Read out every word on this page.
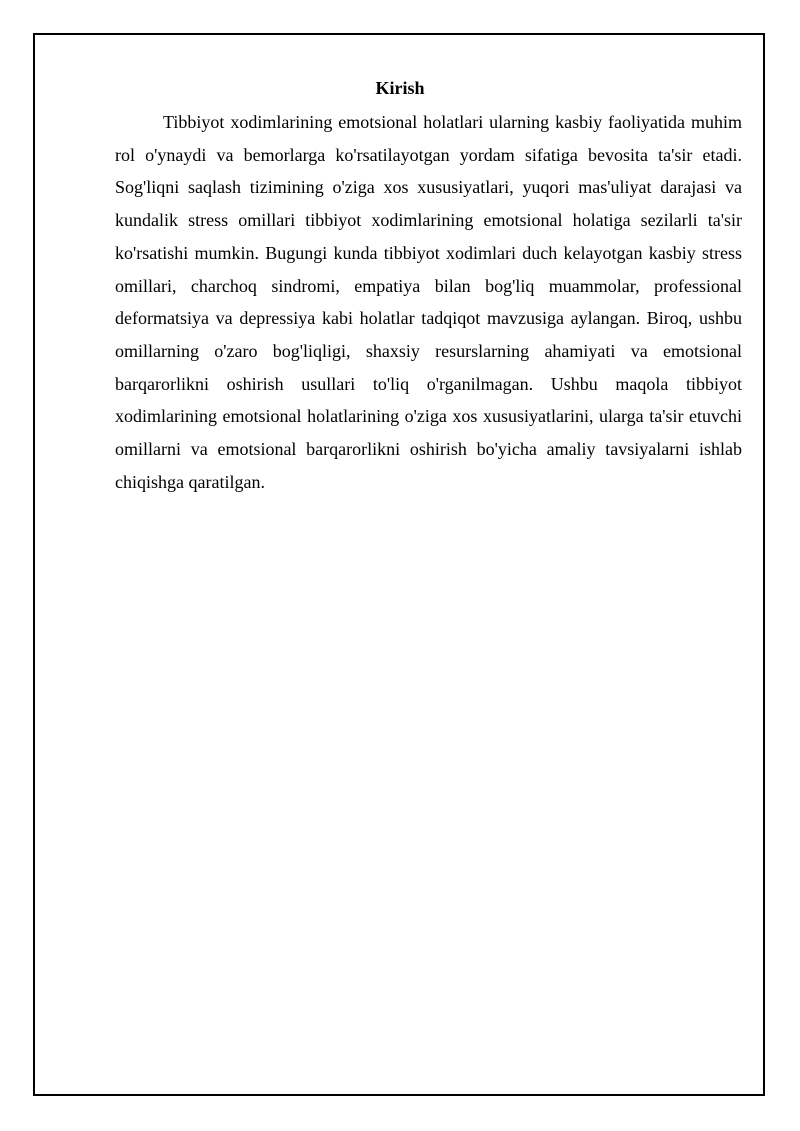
Kirish

Tibbiyot xodimlarining emotsional holatlari ularning kasbiy faoliyatida muhim rol o'ynaydi va bemorlarga ko'rsatilayotgan yordam sifatiga bevosita ta'sir etadi. Sog'liqni saqlash tizimining o'ziga xos xususiyatlari, yuqori mas'uliyat darajasi va kundalik stress omillari tibbiyot xodimlarining emotsional holatiga sezilarli ta'sir ko'rsatishi mumkin. Bugungi kunda tibbiyot xodimlari duch kelayotgan kasbiy stress omillari, charchoq sindromi, empatiya bilan bog'liq muammolar, professional deformatsiya va depressiya kabi holatlar tadqiqot mavzusiga aylangan. Biroq, ushbu omillarning o'zaro bog'liqligi, shaxsiy resurslarning ahamiyati va emotsional barqarorlikni oshirish usullari to'liq o'rganilmagan. Ushbu maqola tibbiyot xodimlarining emotsional holatlarining o'ziga xos xususiyatlarini, ularga ta'sir etuvchi omillarni va emotsional barqarorlikni oshirish bo'yicha amaliy tavsiyalarni ishlab chiqishga qaratilgan.
